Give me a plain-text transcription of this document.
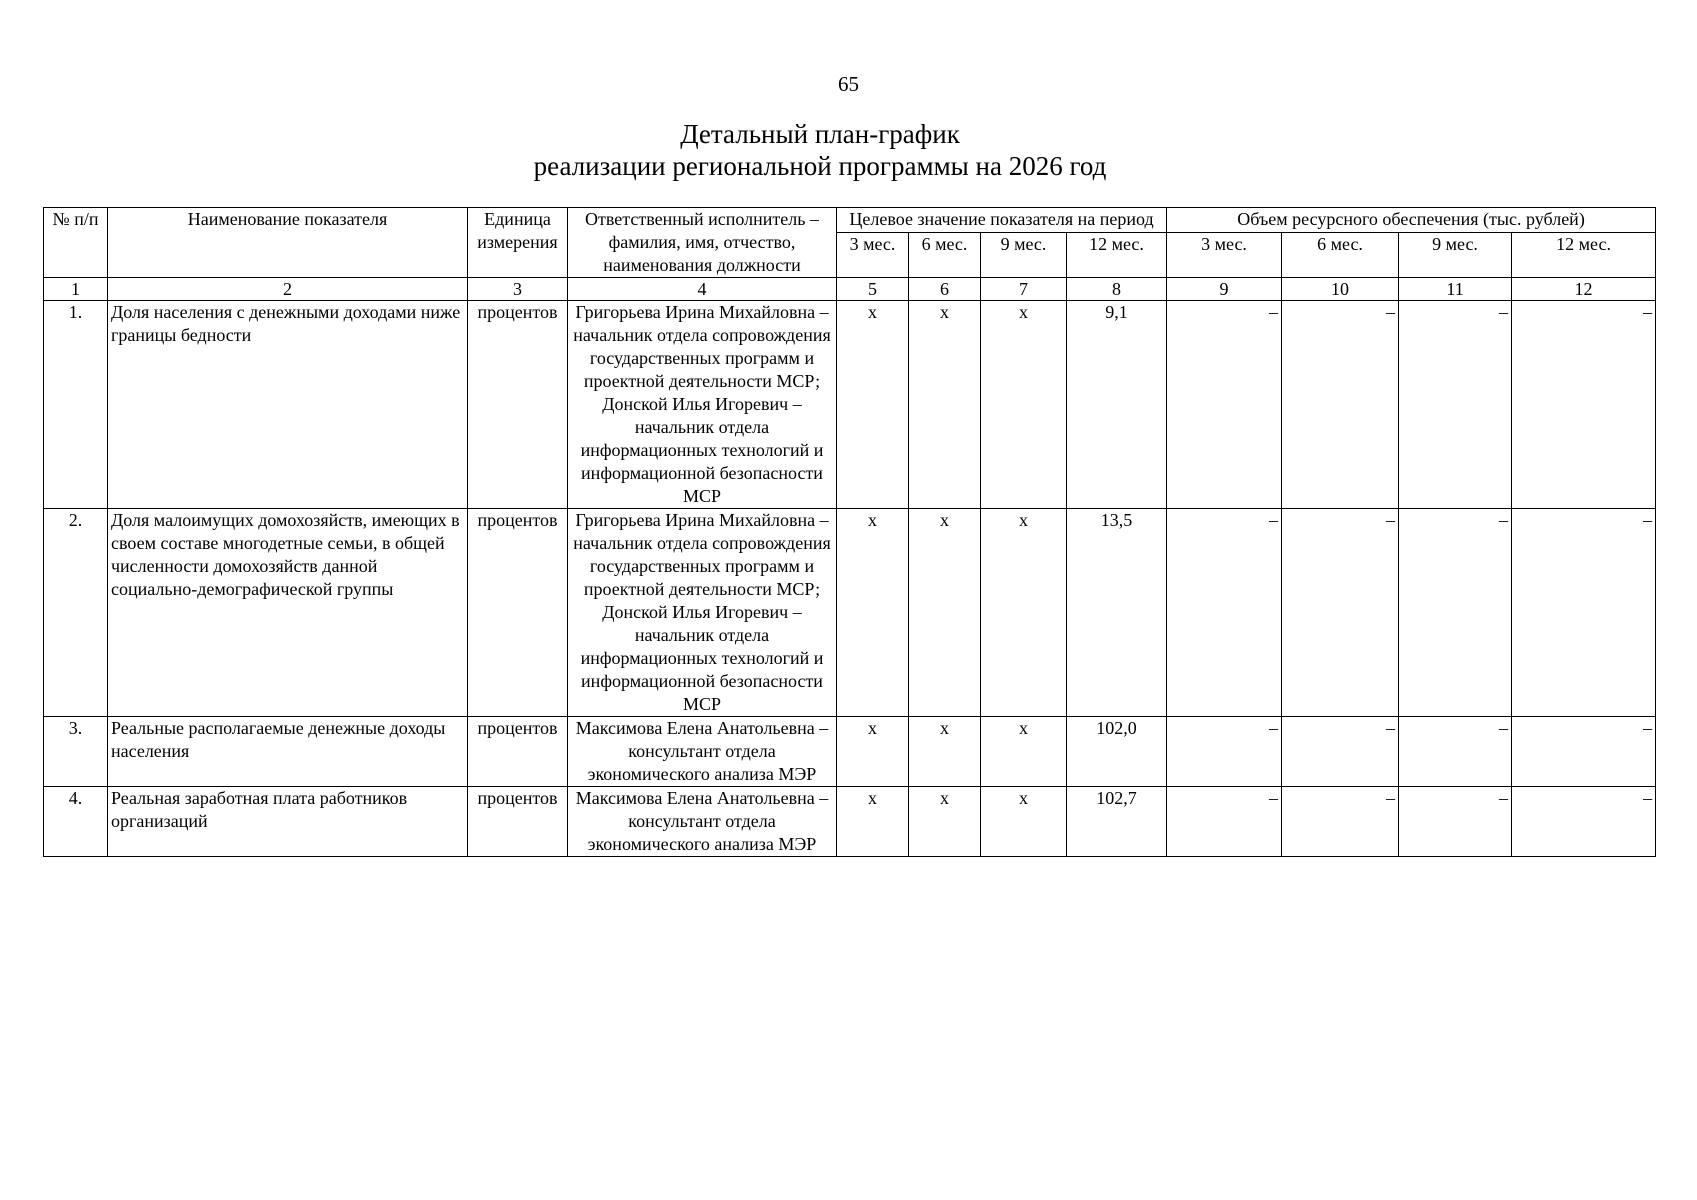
65
Детальный план-график
реализации региональной программы на 2026 год
№ п/п	Наименование показателя	Единица измерения	Ответственный исполнитель – фамилия, имя, отчество, наименования должности	Целевое значение показателя на период				Объем ресурсного обеспечения (тыс. рублей)			
				3 мес.	6 мес.	9 мес.	12 мес.	3 мес.	6 мес.	9 мес.	12 мес.
1	2	3	4	5	6	7	8	9	10	11	12
1.	Доля населения с денежными доходами ниже границы бедности	процентов	Григорьева Ирина Михайловна – начальник отдела сопровождения государственных программ и проектной деятельности МСР; Донской Илья Игоревич – начальник отдела информационных технологий и информационной безопасности МСР	х	х	х	9,1	–	–	–	–
2.	Доля малоимущих домохозяйств, имеющих в своем составе многодетные семьи, в общей численности домохозяйств данной социально-демографической группы	процентов	Григорьева Ирина Михайловна – начальник отдела сопровождения государственных программ и проектной деятельности МСР; Донской Илья Игоревич – начальник отдела информационных технологий и информационной безопасности МСР	х	х	х	13,5	–	–	–	–
3.	Реальные располагаемые денежные доходы населения	процентов	Максимова Елена Анатольевна – консультант отдела экономического анализа МЭР	х	х	х	102,0	–	–	–	–
4.	Реальная заработная плата работников организаций	процентов	Максимова Елена Анатольевна – консультант отдела экономического анализа МЭР	х	х	х	102,7	–	–	–	–
